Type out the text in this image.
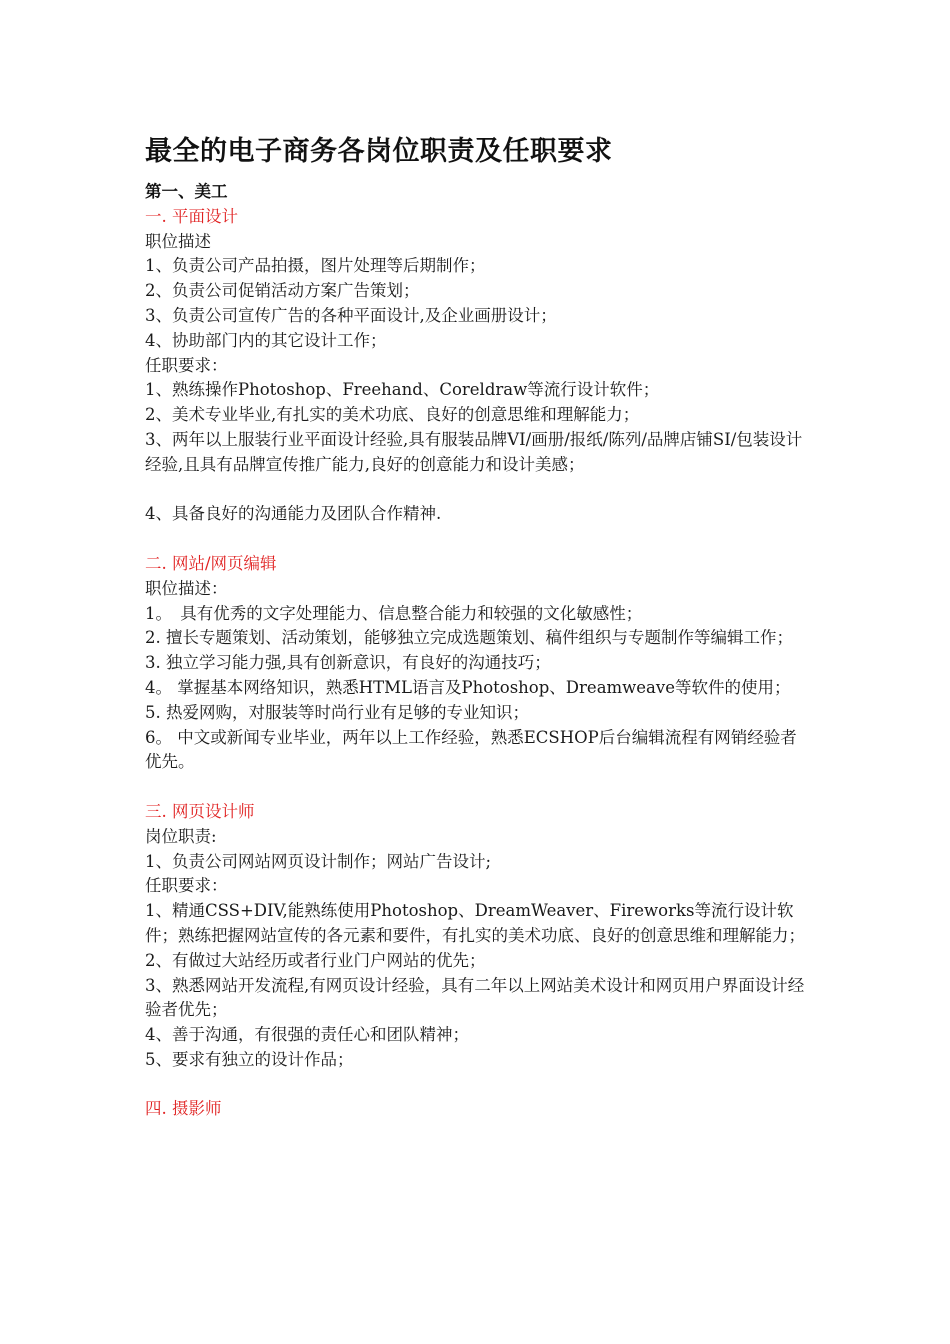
最全的电子商务各岗位职责及任职要求

第一、美工

一. 平面设计

职位描述

1、负责公司产品拍摄，图片处理等后期制作；

2、负责公司促销活动方案广告策划；

3、负责公司宣传广告的各种平面设计,及企业画册设计；

4、协助部门内的其它设计工作；

任职要求：

1、熟练操作Photoshop、Freehand、Coreldraw等流行设计软件；

2、美术专业毕业,有扎实的美术功底、良好的创意思维和理解能力；

3、两年以上服装行业平面设计经验,具有服装品牌VI/画册/报纸/陈列/品牌店铺SI/包装设计经验,且具有品牌宣传推广能力,良好的创意能力和设计美感；

4、具备良好的沟通能力及团队合作精神.

二. 网站/网页编辑

职位描述：

1。　具有优秀的文字处理能力、信息整合能力和较强的文化敏感性；

2. 擅长专题策划、活动策划，能够独立完成选题策划、稿件组织与专题制作等编辑工作；

3. 独立学习能力强,具有创新意识，有良好的沟通技巧；

4。 掌握基本网络知识，熟悉HTML语言及Photoshop、Dreamweave等软件的使用；

5. 热爱网购，对服装等时尚行业有足够的专业知识；

6。 中文或新闻专业毕业，两年以上工作经验，熟悉ECSHOP后台编辑流程有网销经验者优先。

三. 网页设计师

岗位职责:

1、负责公司网站网页设计制作；网站广告设计;

任职要求：

1、精通CSS+DIV,能熟练使用Photoshop、DreamWeaver、Fireworks等流行设计软件；熟练把握网站宣传的各元素和要件，有扎实的美术功底、良好的创意思维和理解能力；

2、有做过大站经历或者行业门户网站的优先；

3、熟悉网站开发流程,有网页设计经验，具有二年以上网站美术设计和网页用户界面设计经验者优先；

4、善于沟通，有很强的责任心和团队精神；

5、要求有独立的设计作品；

四. 摄影师
